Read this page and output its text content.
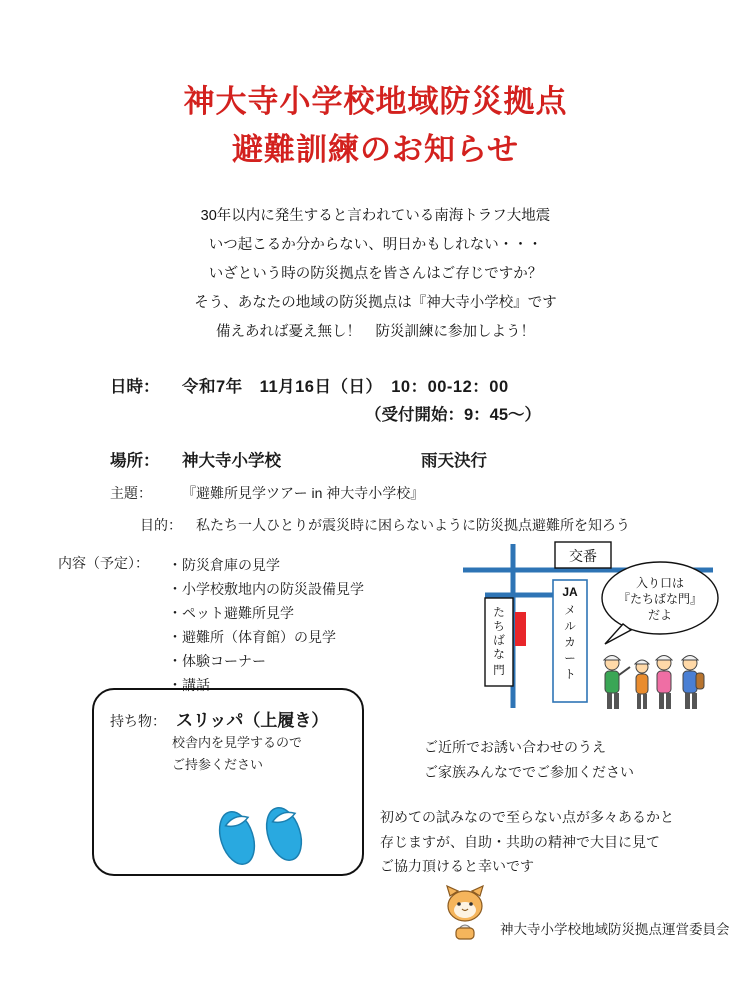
神大寺小学校地域防災拠点
避難訓練のお知らせ
30年以内に発生すると言われている南海トラフ大地震
いつ起こるか分からない、明日かもしれない・・・
いざという時の防災拠点を皆さんはご存じですか？
そう、あなたの地域の防災拠点は『神大寺小学校』です
備えあれば憂え無し！　防災訓練に参加しよう！
日時：	令和7年　11月16日（日）　10：00-12：00
（受付開始：9：45〜）
場所：	神大寺小学校	雨天決行
主題：	『避難所見学ツアー in 神大寺小学校』
目的：	私たち一人ひとりが震災時に困らないように防災拠点避難所を知ろう
内容（予定）：	・ 防災倉庫の見学
・ 小学校敷地内の防災設備見学
・ ペット避難所見学
・ 避難所（体育館）の見学
・ 体験コーナー
・ 講話
持ち物： スリッパ（上履き）
校舎内を見学するので
ご持参ください
交番
た
ち
ば
な
門
JA
メ
ル
カ
ー
ト
入り口は
『たちばな門』
だよ
ご近所でお誘い合わせのうえ
ご家族みんなででご参加ください
初めての試みなので至らない点が多々あるかと
存じますが、自助・共助の精神で大目に見て
ご協力頂けると幸いです
神大寺小学校地域防災拠点運営委員会
